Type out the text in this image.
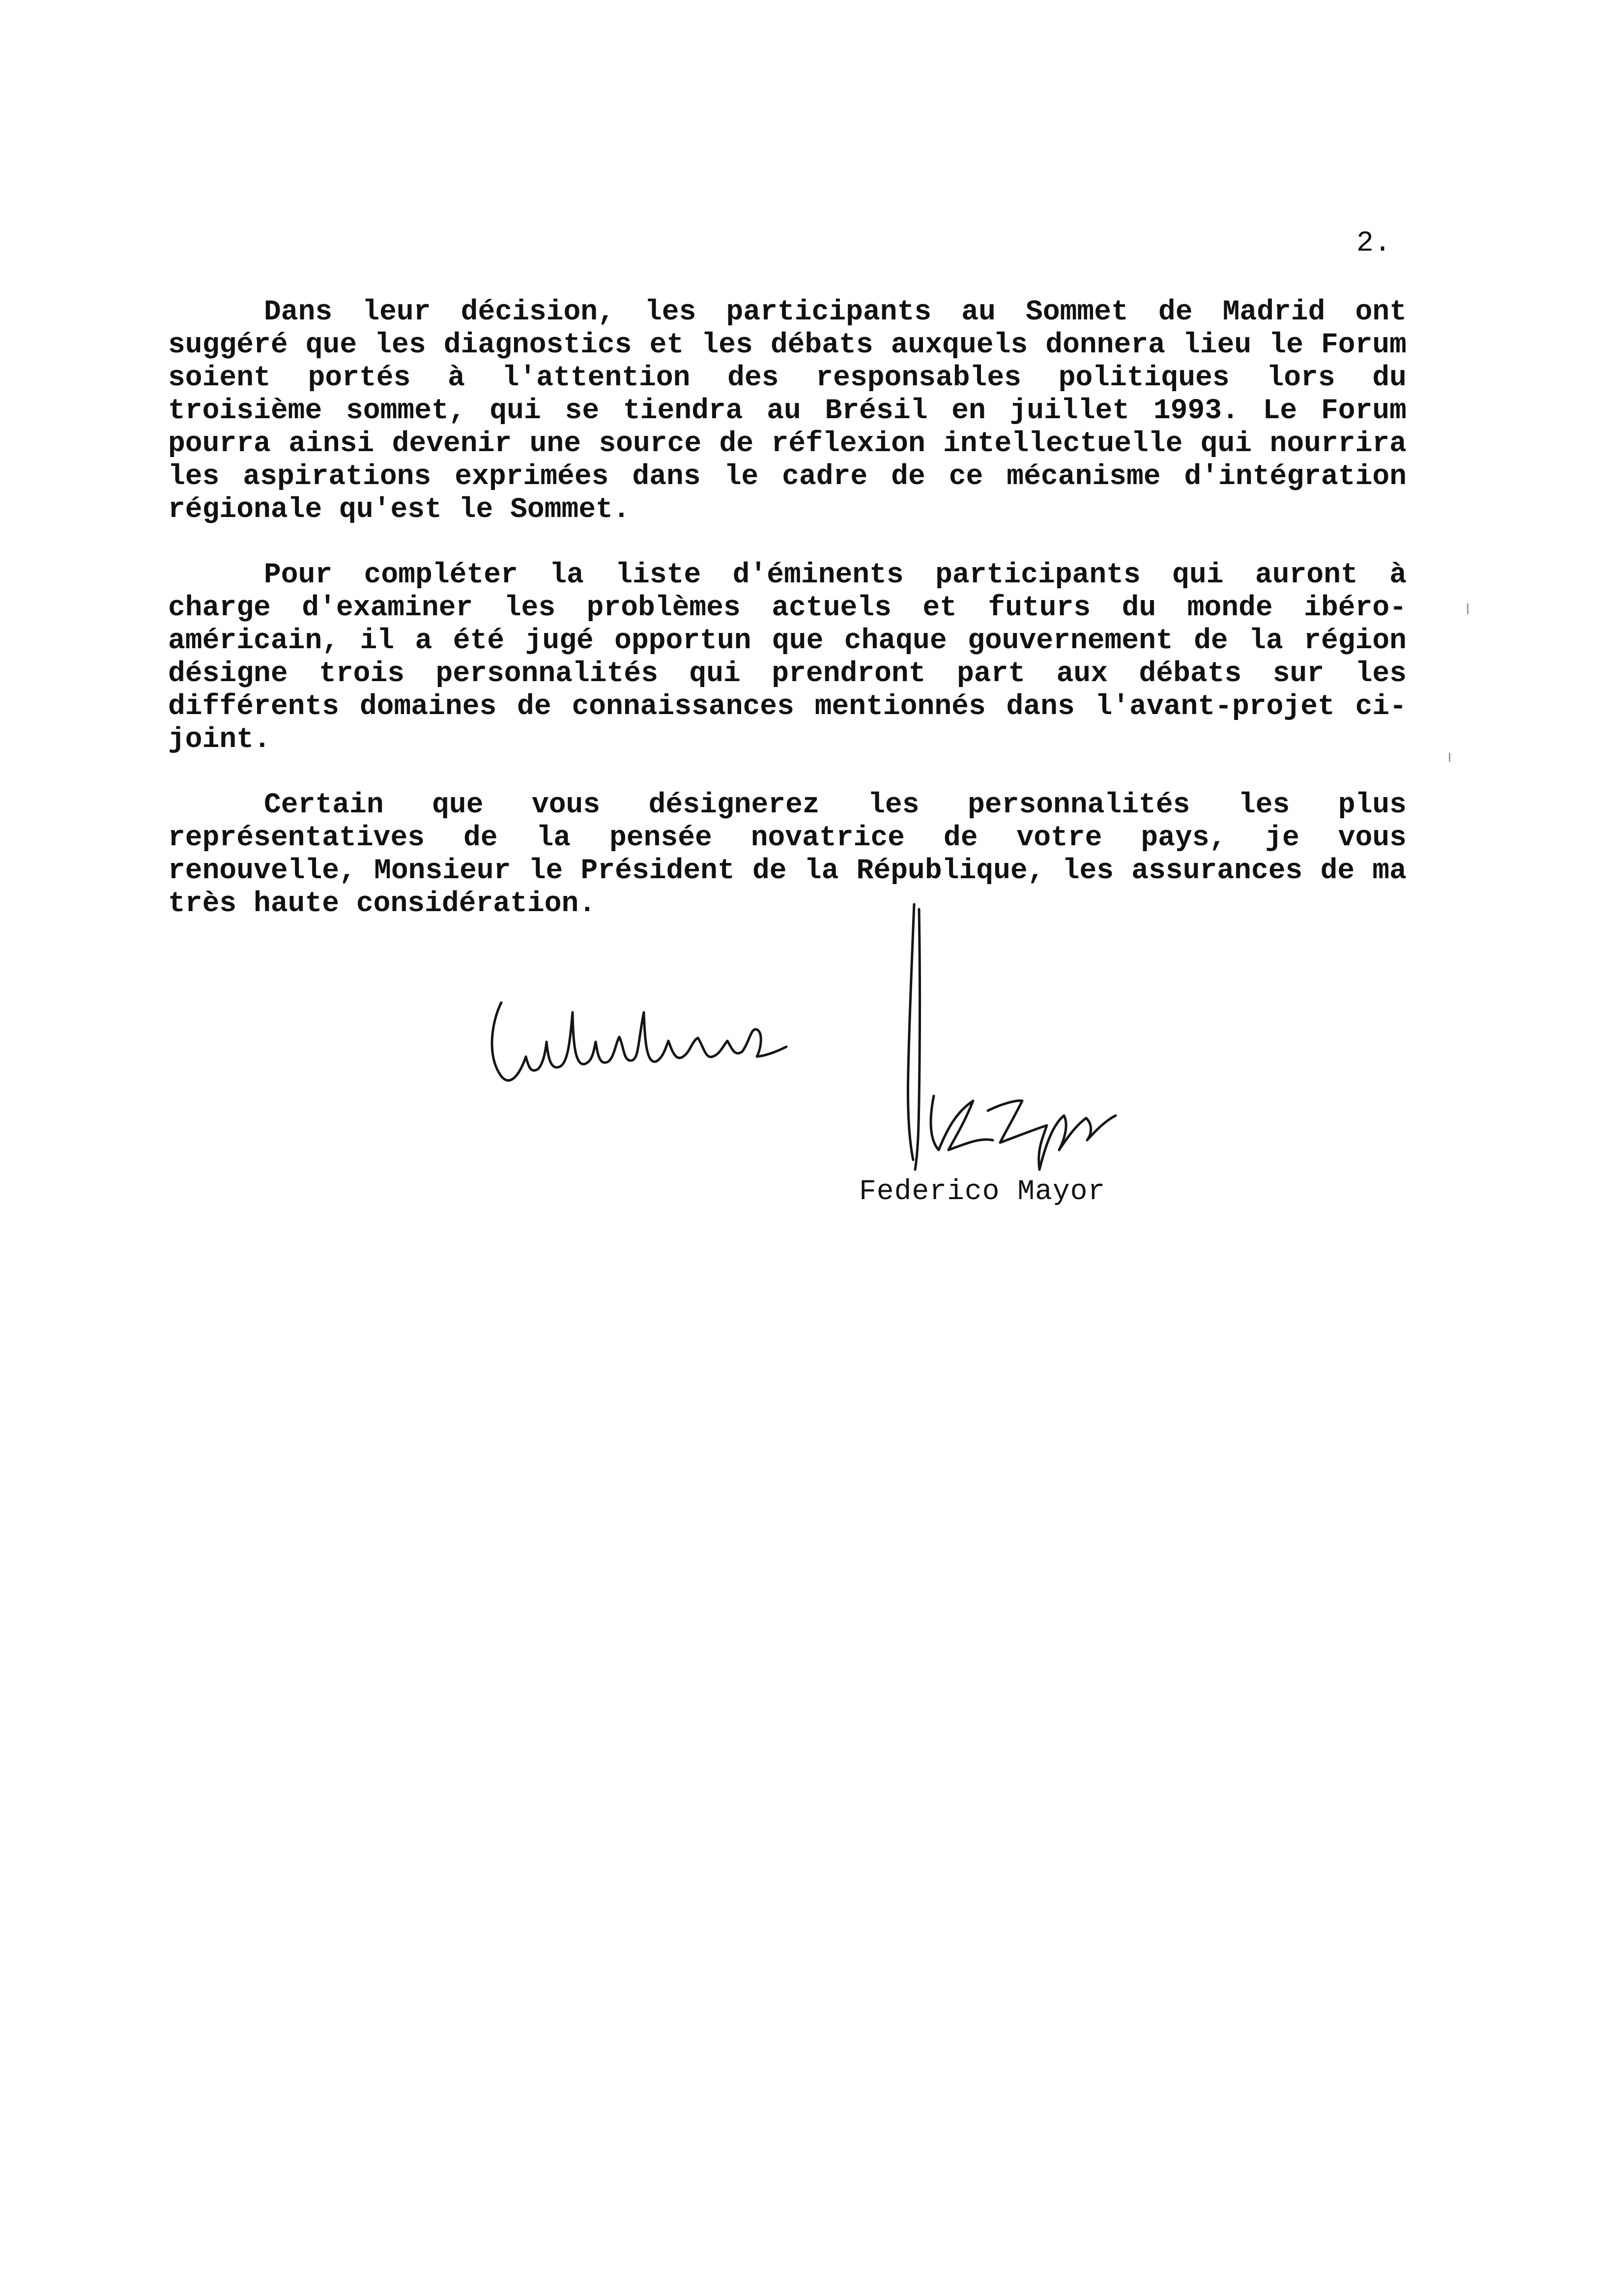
2.

Dans leur décision, les participants au Sommet de Madrid ont suggéré que les diagnostics et les débats auxquels donnera lieu le Forum soient portés à l'attention des responsables politiques lors du troisième sommet, qui se tiendra au Brésil en juillet 1993. Le Forum pourra ainsi devenir une source de réflexion intellectuelle qui nourrira les aspirations exprimées dans le cadre de ce mécanisme d'intégration régionale qu'est le Sommet.

Pour compléter la liste d'éminents participants qui auront à charge d'examiner les problèmes actuels et futurs du monde ibéro-américain, il a été jugé opportun que chaque gouvernement de la région désigne trois personnalités qui prendront part aux débats sur les différents domaines de connaissances mentionnés dans l'avant-projet ci-joint.

Certain que vous désignerez les personnalités les plus représentatives de la pensée novatrice de votre pays, je vous renouvelle, Monsieur le Président de la République, les assurances de ma très haute considération.

Federico Mayor
